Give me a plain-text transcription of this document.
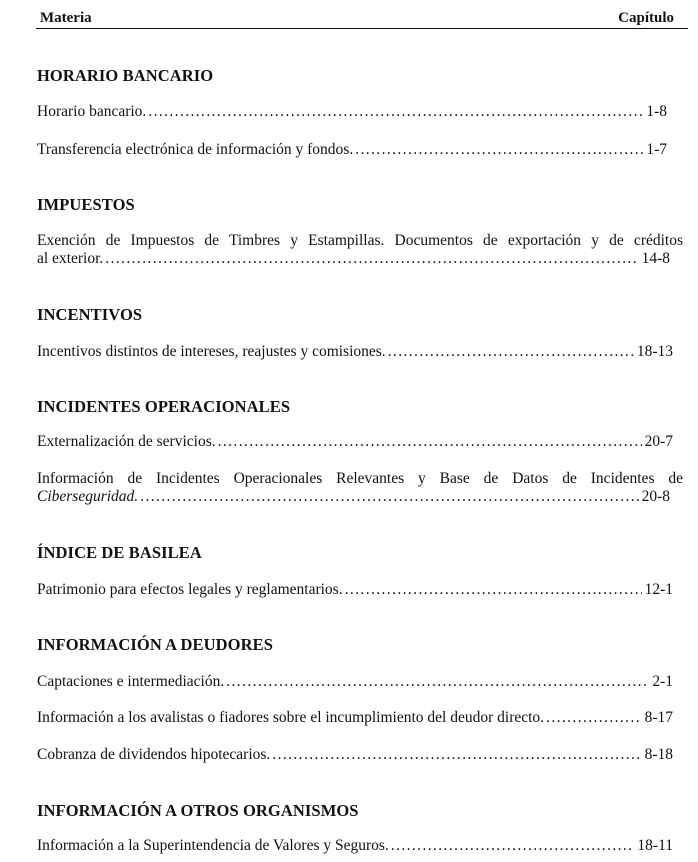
Materia	Capítulo
HORARIO BANCARIO
Horario bancario. .....	1-8
Transferencia electrónica de información y fondos. .....	1-7
IMPUESTOS
Exención de Impuestos de Timbres y Estampillas. Documentos de exportación y de créditos
al exterior. .....	14-8
INCENTIVOS
Incentivos distintos de intereses, reajustes y comisiones. .....	18-13
INCIDENTES OPERACIONALES
Externalización de servicios. .....	20-7
Información de Incidentes Operacionales Relevantes y Base de Datos de Incidentes de
Ciberseguridad. .....	20-8
ÍNDICE DE BASILEA
Patrimonio para efectos legales y reglamentarios. .....	12-1
INFORMACIÓN A DEUDORES
Captaciones e intermediación. .....	2-1
Información a los avalistas o fiadores sobre el incumplimiento del deudor directo. .....	8-17
Cobranza de dividendos hipotecarios. .....	8-18
INFORMACIÓN A OTROS ORGANISMOS
Información a la Superintendencia de Valores y Seguros. .....	18-11
